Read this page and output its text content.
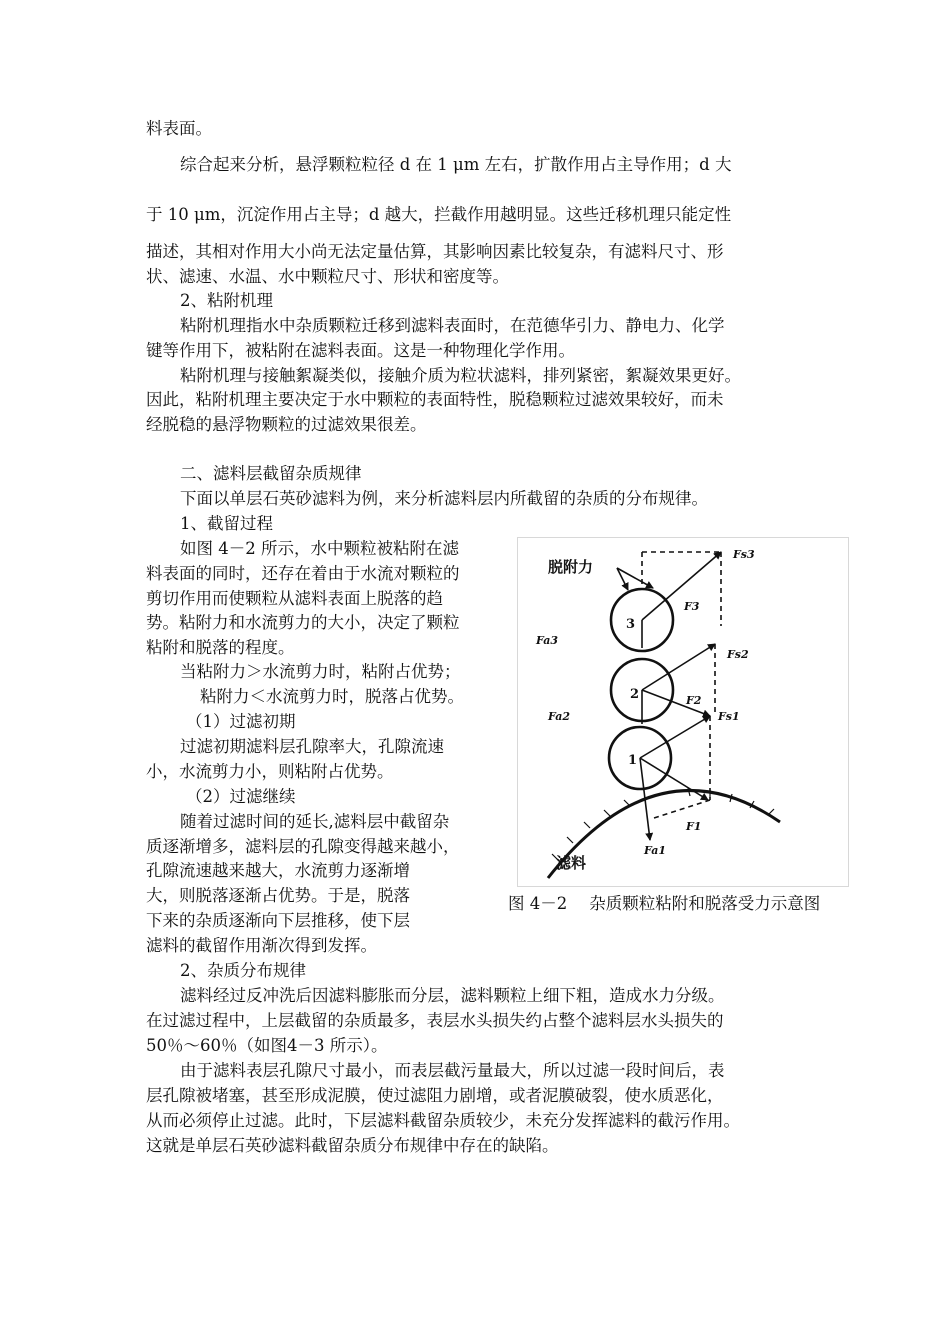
料表面。
综合起来分析，悬浮颗粒粒径 d 在 1 μm 左右，扩散作用占主导作用；d 大
于 10 μm，沉淀作用占主导；d 越大，拦截作用越明显。这些迁移机理只能定性
描述，其相对作用大小尚无法定量估算，其影响因素比较复杂，有滤料尺寸、形
状、滤速、水温、水中颗粒尺寸、形状和密度等。
2、粘附机理
粘附机理指水中杂质颗粒迁移到滤料表面时，在范德华引力、静电力、化学
键等作用下，被粘附在滤料表面。这是一种物理化学作用。
粘附机理与接触絮凝类似，接触介质为粒状滤料，排列紧密，絮凝效果更好。
因此，粘附机理主要决定于水中颗粒的表面特性，脱稳颗粒过滤效果较好，而未
经脱稳的悬浮物颗粒的过滤效果很差。
二、滤料层截留杂质规律
下面以单层石英砂滤料为例，来分析滤料层内所截留的杂质的分布规律。
1、截留过程
如图 4－2 所示，水中颗粒被粘附在滤
料表面的同时，还存在着由于水流对颗粒的
剪切作用而使颗粒从滤料表面上脱落的趋
势。粘附力和水流剪力的大小，决定了颗粒
粘附和脱落的程度。
当粘附力＞水流剪力时，粘附占优势；
粘附力＜水流剪力时，脱落占优势。
（1）过滤初期
过滤初期滤料层孔隙率大，孔隙流速
小，水流剪力小，则粘附占优势。
（2）过滤继续
随着过滤时间的延长,滤料层中截留杂
质逐渐增多，滤料层的孔隙变得越来越小，
孔隙流速越来越大，水流剪力逐渐增
大，则脱落逐渐占优势。于是，脱落
下来的杂质逐渐向下层推移，使下层
滤料的截留作用渐次得到发挥。
2、杂质分布规律
滤料经过反冲洗后因滤料膨胀而分层，滤料颗粒上细下粗，造成水力分级。
在过滤过程中，上层截留的杂质最多，表层水头损失约占整个滤料层水头损失的
50％～60％（如图4－3 所示）。
由于滤料表层孔隙尺寸最小，而表层截污量最大，所以过滤一段时间后，表
层孔隙被堵塞，甚至形成泥膜，使过滤阻力剧增，或者泥膜破裂，使水质恶化，
从而必须停止过滤。此时，下层滤料截留杂质较少，未充分发挥滤料的截污作用。
这就是单层石英砂滤料截留杂质分布规律中存在的缺陷。
脱附力
Fs3
F3
Fa3
Fs2
F2
Fs1
Fa2
F1
Fa1
3
2
1
滤料
图 4－2 杂质颗粒粘附和脱落受力示意图
